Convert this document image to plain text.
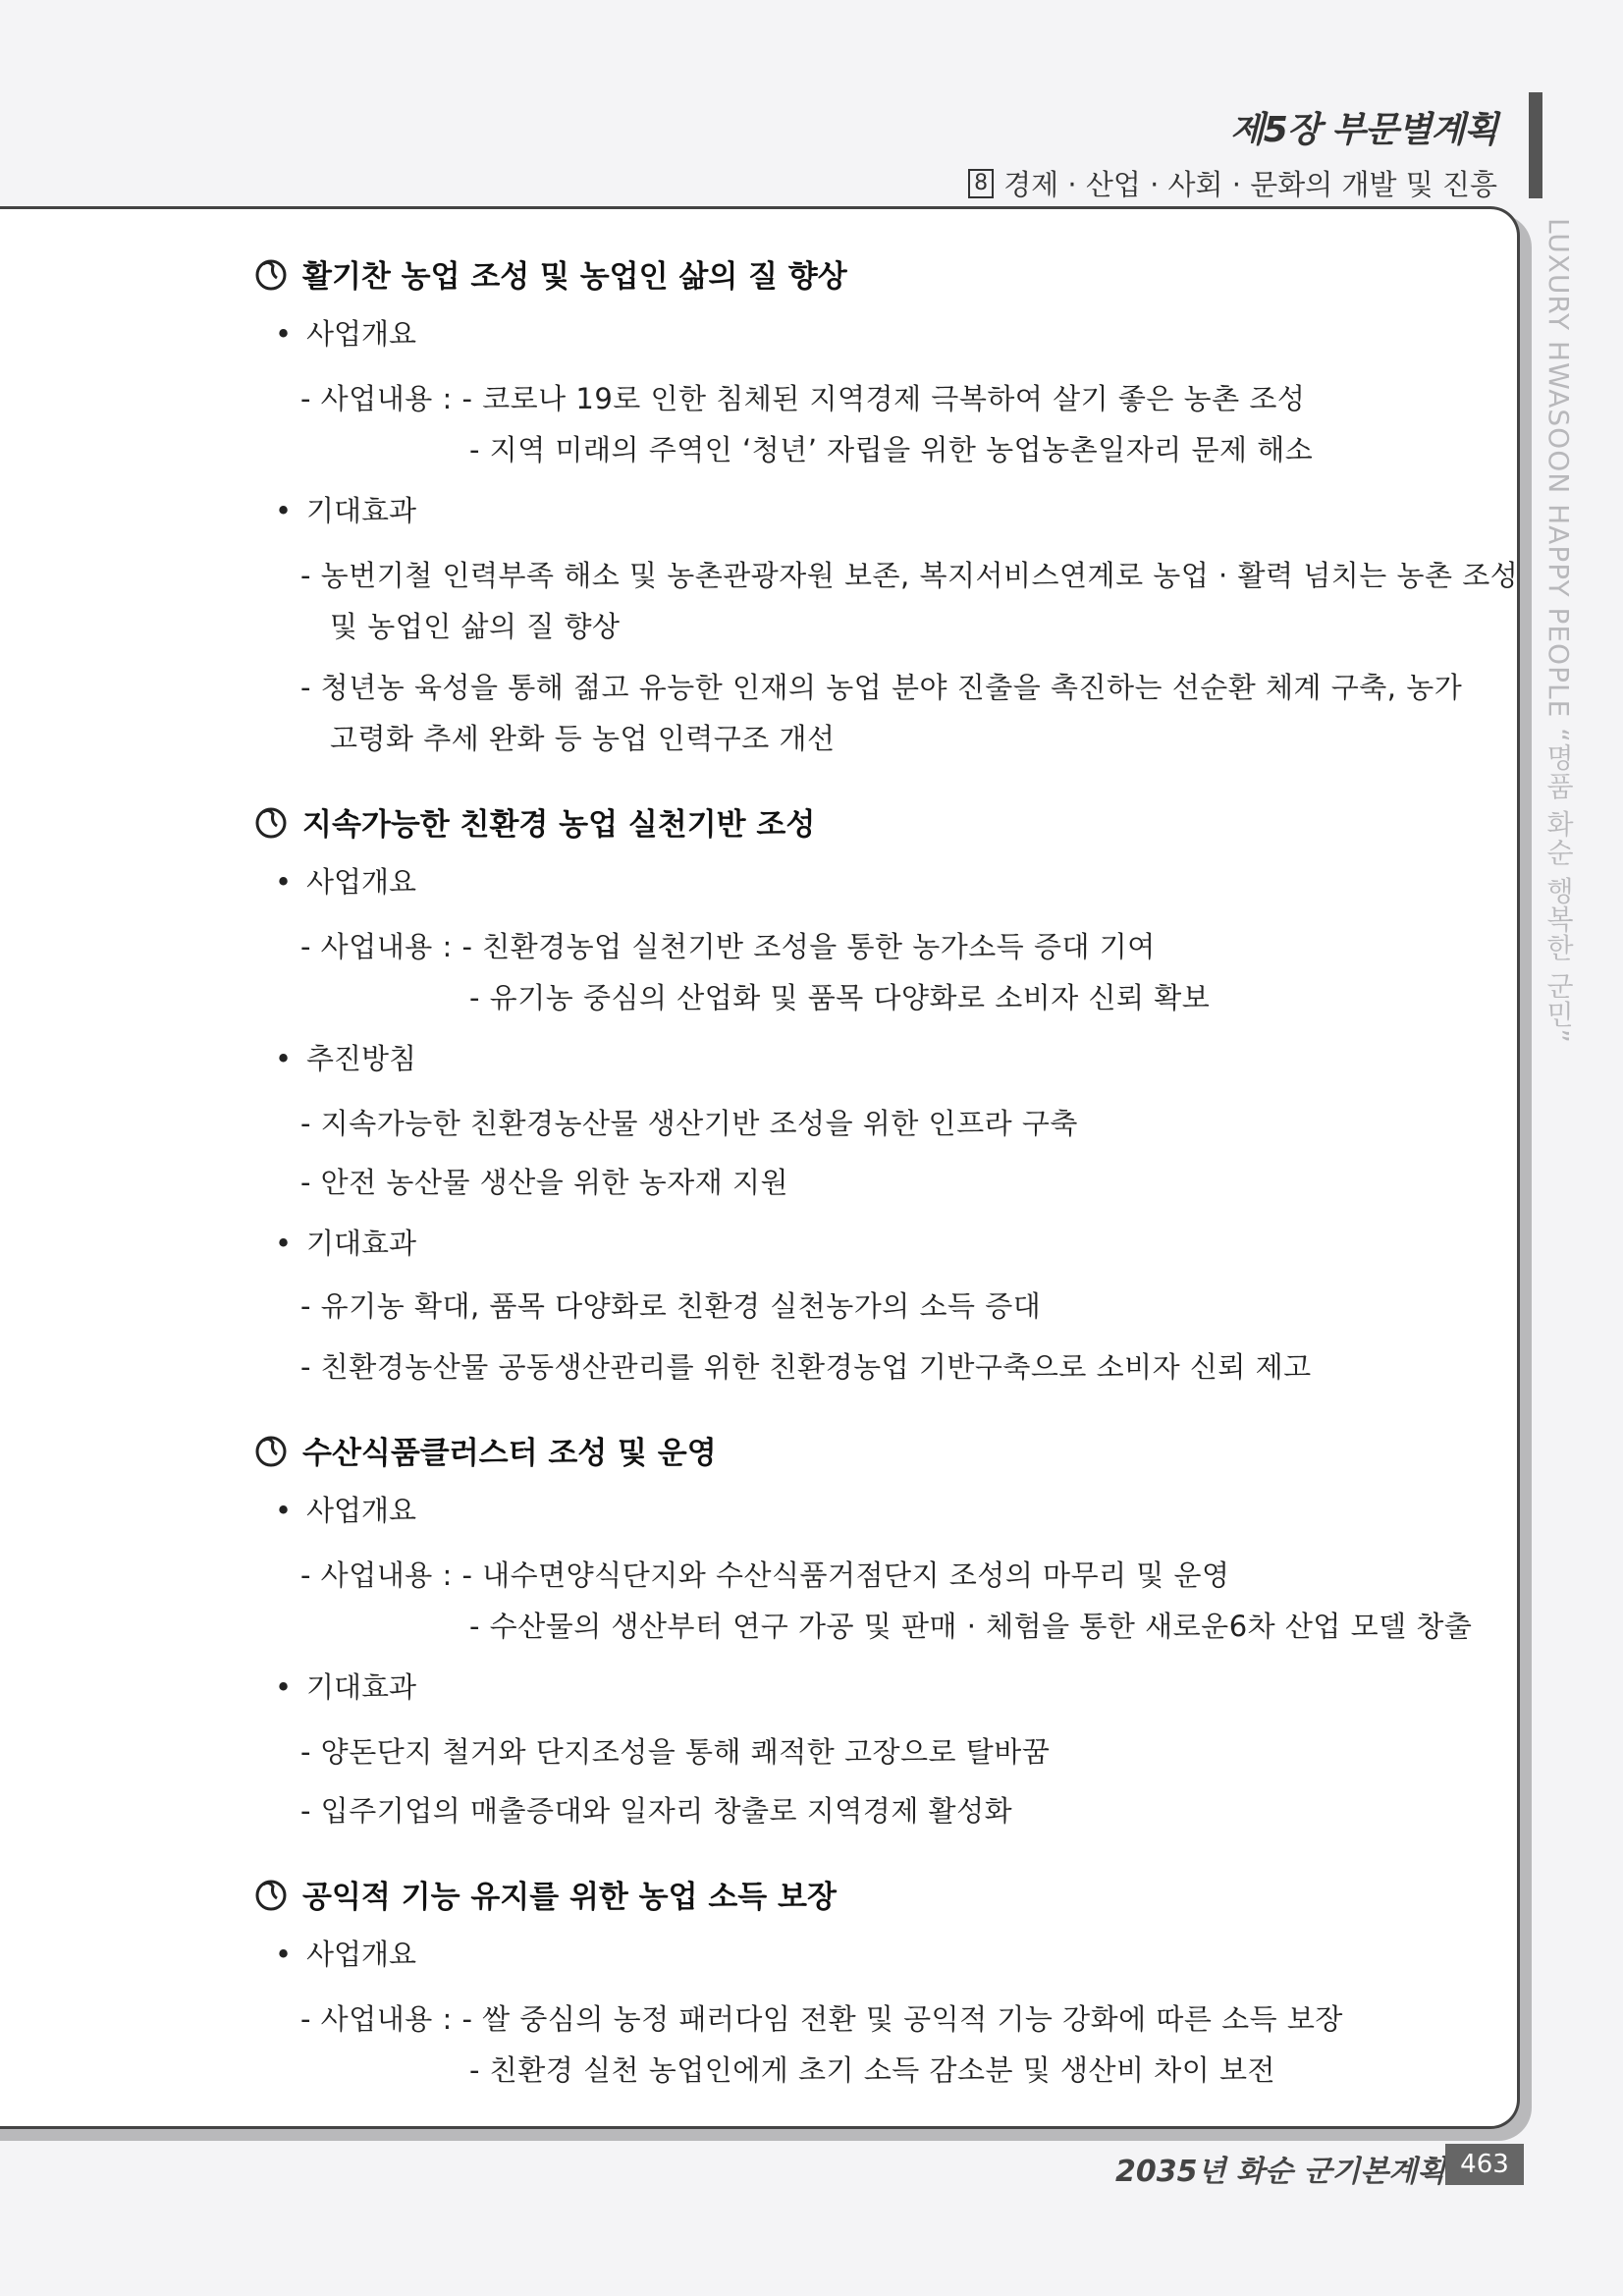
제5장 부문별계획
8 경제 · 산업 · 사회 · 문화의 개발 및 진흥
LUXURY HWASOON HAPPY PEOPLE “명품 화순 행복한 군민”
활기찬 농업 조성 및 농업인 삶의 질 향상
• 사업개요
- 사업내용 : - 코로나 19로 인한 침체된 지역경제 극복하여 살기 좋은 농촌 조성
- 지역 미래의 주역인 ‘청년’ 자립을 위한 농업농촌일자리 문제 해소
• 기대효과
- 농번기철 인력부족 해소 및 농촌관광자원 보존, 복지서비스연계로 농업 · 활력 넘치는 농촌 조성
및 농업인 삶의 질 향상
- 청년농 육성을 통해 젊고 유능한 인재의 농업 분야 진출을 촉진하는 선순환 체계 구축, 농가
고령화 추세 완화 등 농업 인력구조 개선
지속가능한 친환경 농업 실천기반 조성
• 사업개요
- 사업내용 : - 친환경농업 실천기반 조성을 통한 농가소득 증대 기여
- 유기농 중심의 산업화 및 품목 다양화로 소비자 신뢰 확보
• 추진방침
- 지속가능한 친환경농산물 생산기반 조성을 위한 인프라 구축
- 안전 농산물 생산을 위한 농자재 지원
• 기대효과
- 유기농 확대, 품목 다양화로 친환경 실천농가의 소득 증대
- 친환경농산물 공동생산관리를 위한 친환경농업 기반구축으로 소비자 신뢰 제고
수산식품클러스터 조성 및 운영
• 사업개요
- 사업내용 : - 내수면양식단지와 수산식품거점단지 조성의 마무리 및 운영
- 수산물의 생산부터 연구 가공 및 판매 · 체험을 통한 새로운6차 산업 모델 창출
• 기대효과
- 양돈단지 철거와 단지조성을 통해 쾌적한 고장으로 탈바꿈
- 입주기업의 매출증대와 일자리 창출로 지역경제 활성화
공익적 기능 유지를 위한 농업 소득 보장
• 사업개요
- 사업내용 : - 쌀 중심의 농정 패러다임 전환 및 공익적 기능 강화에 따른 소득 보장
- 친환경 실천 농업인에게 초기 소득 감소분 및 생산비 차이 보전
2035년 화순 군기본계획 463
